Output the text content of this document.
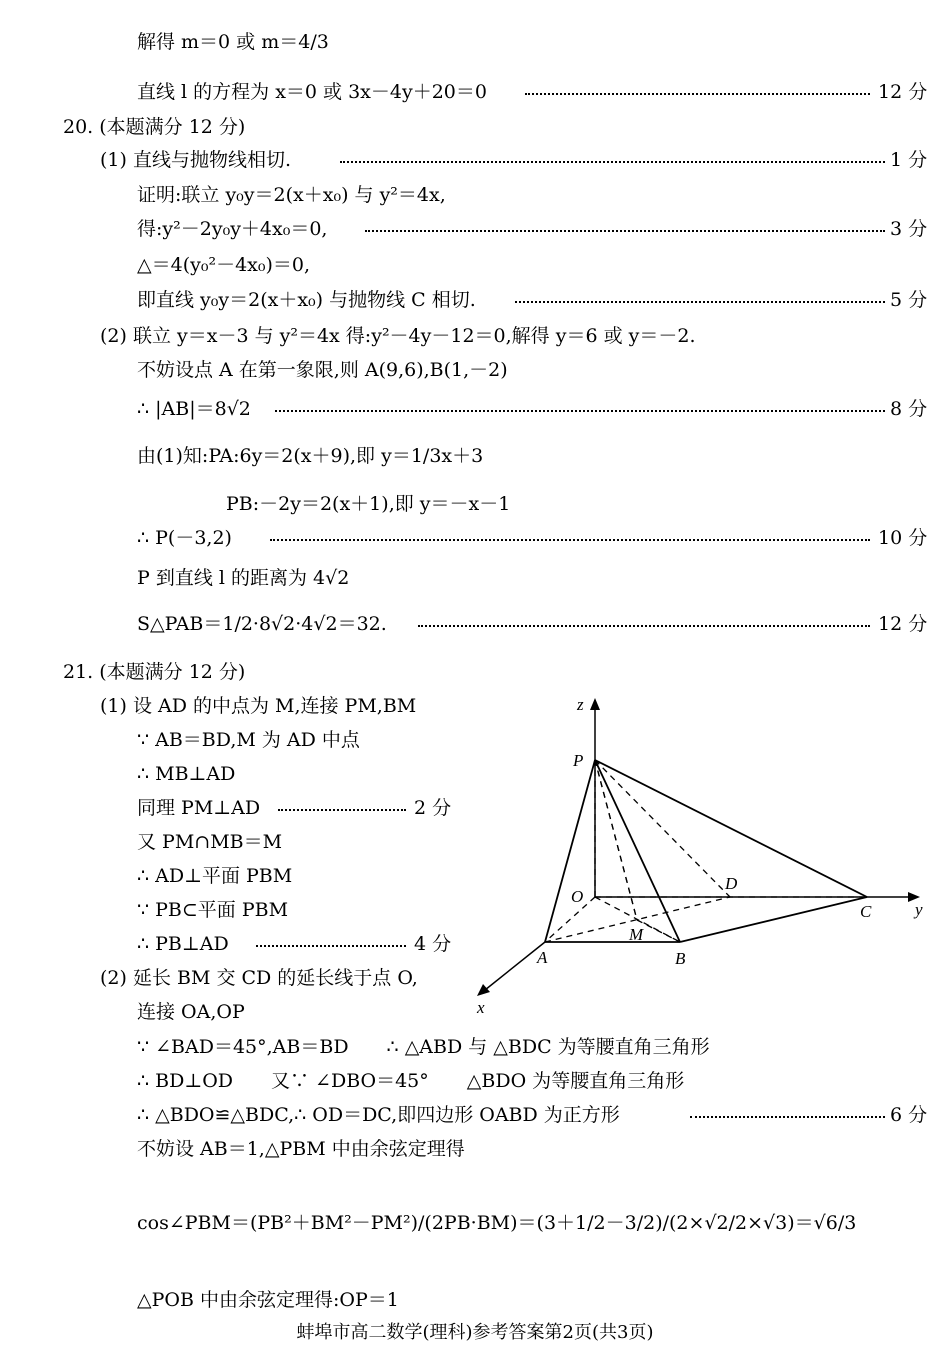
解得 m＝0 或 m＝4/3
直线 l 的方程为 x＝0 或 3x－4y＋20＝0	12 分
20. (本题满分 12 分)
(1) 直线与抛物线相切.	1 分
证明:联立 y₀y＝2(x＋x₀) 与 y²＝4x,
得:y²－2y₀y＋4x₀＝0,	3 分
△＝4(y₀²－4x₀)＝0,
即直线 y₀y＝2(x＋x₀) 与抛物线 C 相切.	5 分
(2) 联立 y＝x－3 与 y²＝4x 得:y²－4y－12＝0,解得 y＝6 或 y＝－2.
不妨设点 A 在第一象限,则 A(9,6),B(1,－2)
∴ |AB|＝8√2	8 分
由(1)知:PA:6y＝2(x＋9),即 y＝1/3x＋3
PB:－2y＝2(x＋1),即 y＝－x－1
∴ P(－3,2)	10 分
P 到直线 l 的距离为 4√2
S△PAB＝1/2·8√2·4√2＝32.	12 分
21. (本题满分 12 分)
(1) 设 AD 的中点为 M,连接 PM,BM
∵ AB＝BD,M 为 AD 中点
∴ MB⊥AD
同理 PM⊥AD	2 分
又 PM∩MB＝M
∴ AD⊥平面 PBM
∵ PB⊂平面 PBM
∴ PB⊥AD	4 分
(2) 延长 BM 交 CD 的延长线于点 O,
连接 OA,OP
∵ ∠BAD＝45°,AB＝BD　　∴ △ABD 与 △BDC 为等腰直角三角形
∴ BD⊥OD　　又∵ ∠DBO＝45°　　△BDO 为等腰直角三角形
∴ △BDO≌△BDC,∴ OD＝DC,即四边形 OABD 为正方形	6 分
不妨设 AB＝1,△PBM 中由余弦定理得
cos∠PBM＝(PB²＋BM²－PM²)/(2PB·BM)＝(3＋1/2－3/2)/(2×√2/2×√3)＝√6/3
△POB 中由余弦定理得:OP＝1
z
y
x
P
O
D
M
A	B
C
蚌埠市高二数学(理科)参考答案第2页(共3页)
